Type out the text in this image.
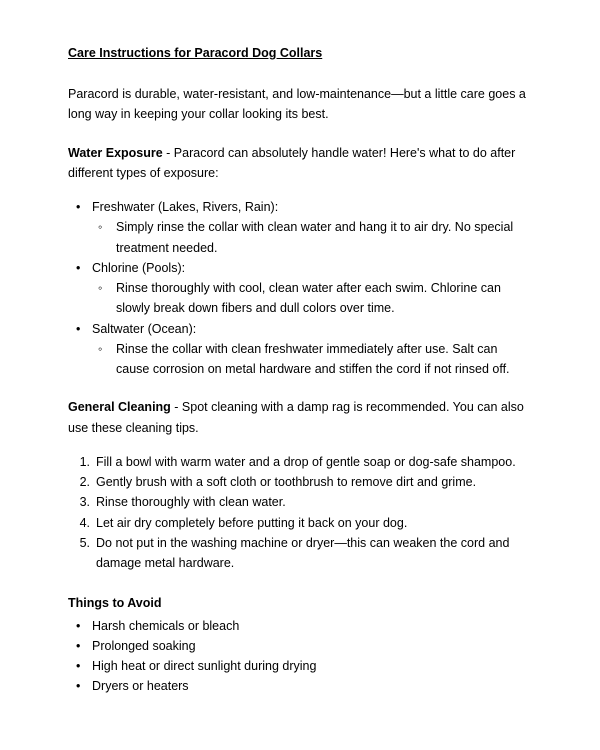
Care Instructions for Paracord Dog Collars

Paracord is durable, water-resistant, and low-maintenance—but a little care goes a long way in keeping your collar looking its best.

Water Exposure - Paracord can absolutely handle water! Here's what to do after different types of exposure:

• Freshwater (Lakes, Rivers, Rain):
◦ Simply rinse the collar with clean water and hang it to air dry. No special treatment needed.
• Chlorine (Pools):
◦ Rinse thoroughly with cool, clean water after each swim. Chlorine can slowly break down fibers and dull colors over time.
• Saltwater (Ocean):
◦ Rinse the collar with clean freshwater immediately after use. Salt can cause corrosion on metal hardware and stiffen the cord if not rinsed off.

General Cleaning - Spot cleaning with a damp rag is recommended. You can also use these cleaning tips.

Fill a bowl with warm water and a drop of gentle soap or dog-safe shampoo.
Gently brush with a soft cloth or toothbrush to remove dirt and grime.
Rinse thoroughly with clean water.
Let air dry completely before putting it back on your dog.
Do not put in the washing machine or dryer—this can weaken the cord and damage metal hardware.
Things to Avoid
• Harsh chemicals or bleach
• Prolonged soaking
• High heat or direct sunlight during drying
• Dryers or heaters
